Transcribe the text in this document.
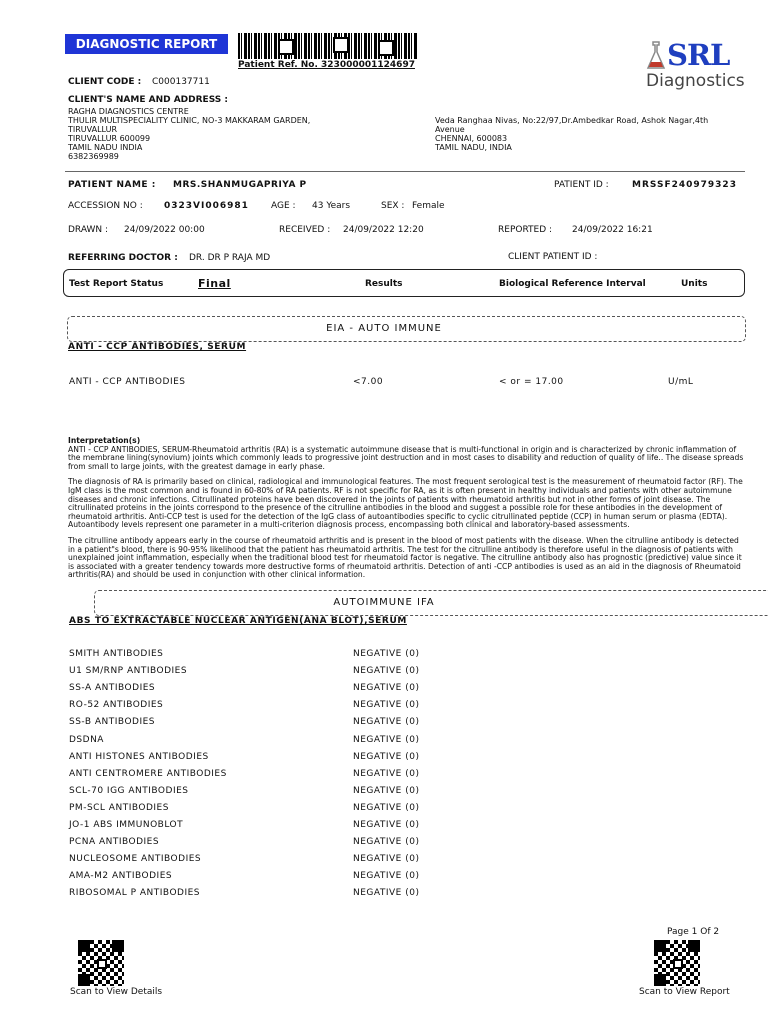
DIAGNOSTIC REPORT
Patient Ref. No. 323000001124697	SRL
Diagnostics
CLIENT CODE : C000137711
CLIENT'S NAME AND ADDRESS :
RAGHA DIAGNOSTICS CENTRE
THULIR MULTISPECIALITY CLINIC, NO-3 MAKKARAM GARDEN,
TIRUVALLUR
TIRUVALLUR 600099
TAMIL NADU INDIA
6382369989
Veda Ranghaa Nivas, No:22/97,Dr.Ambedkar Road, Ashok Nagar,4th
Avenue
CHENNAI, 600083
TAMIL NADU, INDIA
PATIENT NAME : MRS.SHANMUGAPRIYA P	PATIENT ID :	MRSSF240979323
ACCESSION NO : 0323VI006981 AGE : 43 Years	SEX : Female
DRAWN : 24/09/2022 00:00	RECEIVED : 24/09/2022 12:20	REPORTED : 24/09/2022 16:21
REFERRING DOCTOR : DR. DR P RAJA MD	CLIENT PATIENT ID :
Test Report Status	Final	Results	Biological Reference Interval	Units
EIA - AUTO IMMUNE
ANTI - CCP ANTIBODIES, SERUM
ANTI - CCP ANTIBODIES	<7.00	< or = 17.00	U/mL
Interpretation(s)

ANTI - CCP ANTIBODIES, SERUM-Rheumatoid arthritis (RA) is a systematic autoimmune disease that is multi-functional in origin and is characterized by chronic inflammation of the membrane lining(synovium) joints which commonly leads to progressive joint destruction and in most cases to disability and reduction of quality of life.. The disease spreads from small to large joints, with the greatest damage in early phase.

The diagnosis of RA is primarily based on clinical, radiological and immunological features. The most frequent serological test is the measurement of rheumatoid factor (RF). The IgM class is the most common and is found in 60-80% of RA patients. RF is not specific for RA, as it is often present in healthy individuals and patients with other autoimmune diseases and chronic infections. Citrullinated proteins have been discovered in the joints of patients with rheumatoid arthritis but not in other forms of joint disease. The citrullinated proteins in the joints correspond to the presence of the citrulline antibodies in the blood and suggest a possible role for these antibodies in the development of rheumatoid arthritis. Anti-CCP test is used for the detection of the IgG class of autoantibodies specific to cyclic citrullinated peptide (CCP) in human serum or plasma (EDTA). Autoantibody levels represent one parameter in a multi-criterion diagnosis process, encompassing both clinical and laboratory-based assessments.

The citrulline antibody appears early in the course of rheumatoid arthritis and is present in the blood of most patients with the disease. When the citrulline antibody is detected in a patient"s blood, there is 90-95% likelihood that the patient has rheumatoid arthritis. The test for the citrulline antibody is therefore useful in the diagnosis of patients with unexplained joint inflammation, especially when the traditional blood test for rheumatoid factor is negative. The citrulline antibody also has prognostic (predictive) value since it is associated with a greater tendency towards more destructive forms of rheumatoid arthritis. Detection of anti -CCP antibodies is used as an aid in the diagnosis of Rheumatoid arthritis(RA) and should be used in conjunction with other clinical information.

AUTOIMMUNE IFA
ABS TO EXTRACTABLE NUCLEAR ANTIGEN(ANA BLOT),SERUM
SMITH ANTIBODIES	NEGATIVE (0)
U1 SM/RNP ANTIBODIES	NEGATIVE (0)
SS-A ANTIBODIES	NEGATIVE (0)
RO-52 ANTIBODIES	NEGATIVE (0)
SS-B ANTIBODIES	NEGATIVE (0)
DSDNA	NEGATIVE (0)
ANTI HISTONES ANTIBODIES	NEGATIVE (0)
ANTI CENTROMERE ANTIBODIES	NEGATIVE (0)
SCL-70 IGG ANTIBODIES	NEGATIVE (0)
PM-SCL ANTIBODIES	NEGATIVE (0)
JO-1 ABS IMMUNOBLOT	NEGATIVE (0)
PCNA ANTIBODIES	NEGATIVE (0)
NUCLEOSOME ANTIBODIES	NEGATIVE (0)
AMA-M2 ANTIBODIES	NEGATIVE (0)
RIBOSOMAL P ANTIBODIES	NEGATIVE (0)
Page 1 Of 2
Scan to View Details	Scan to View Report
